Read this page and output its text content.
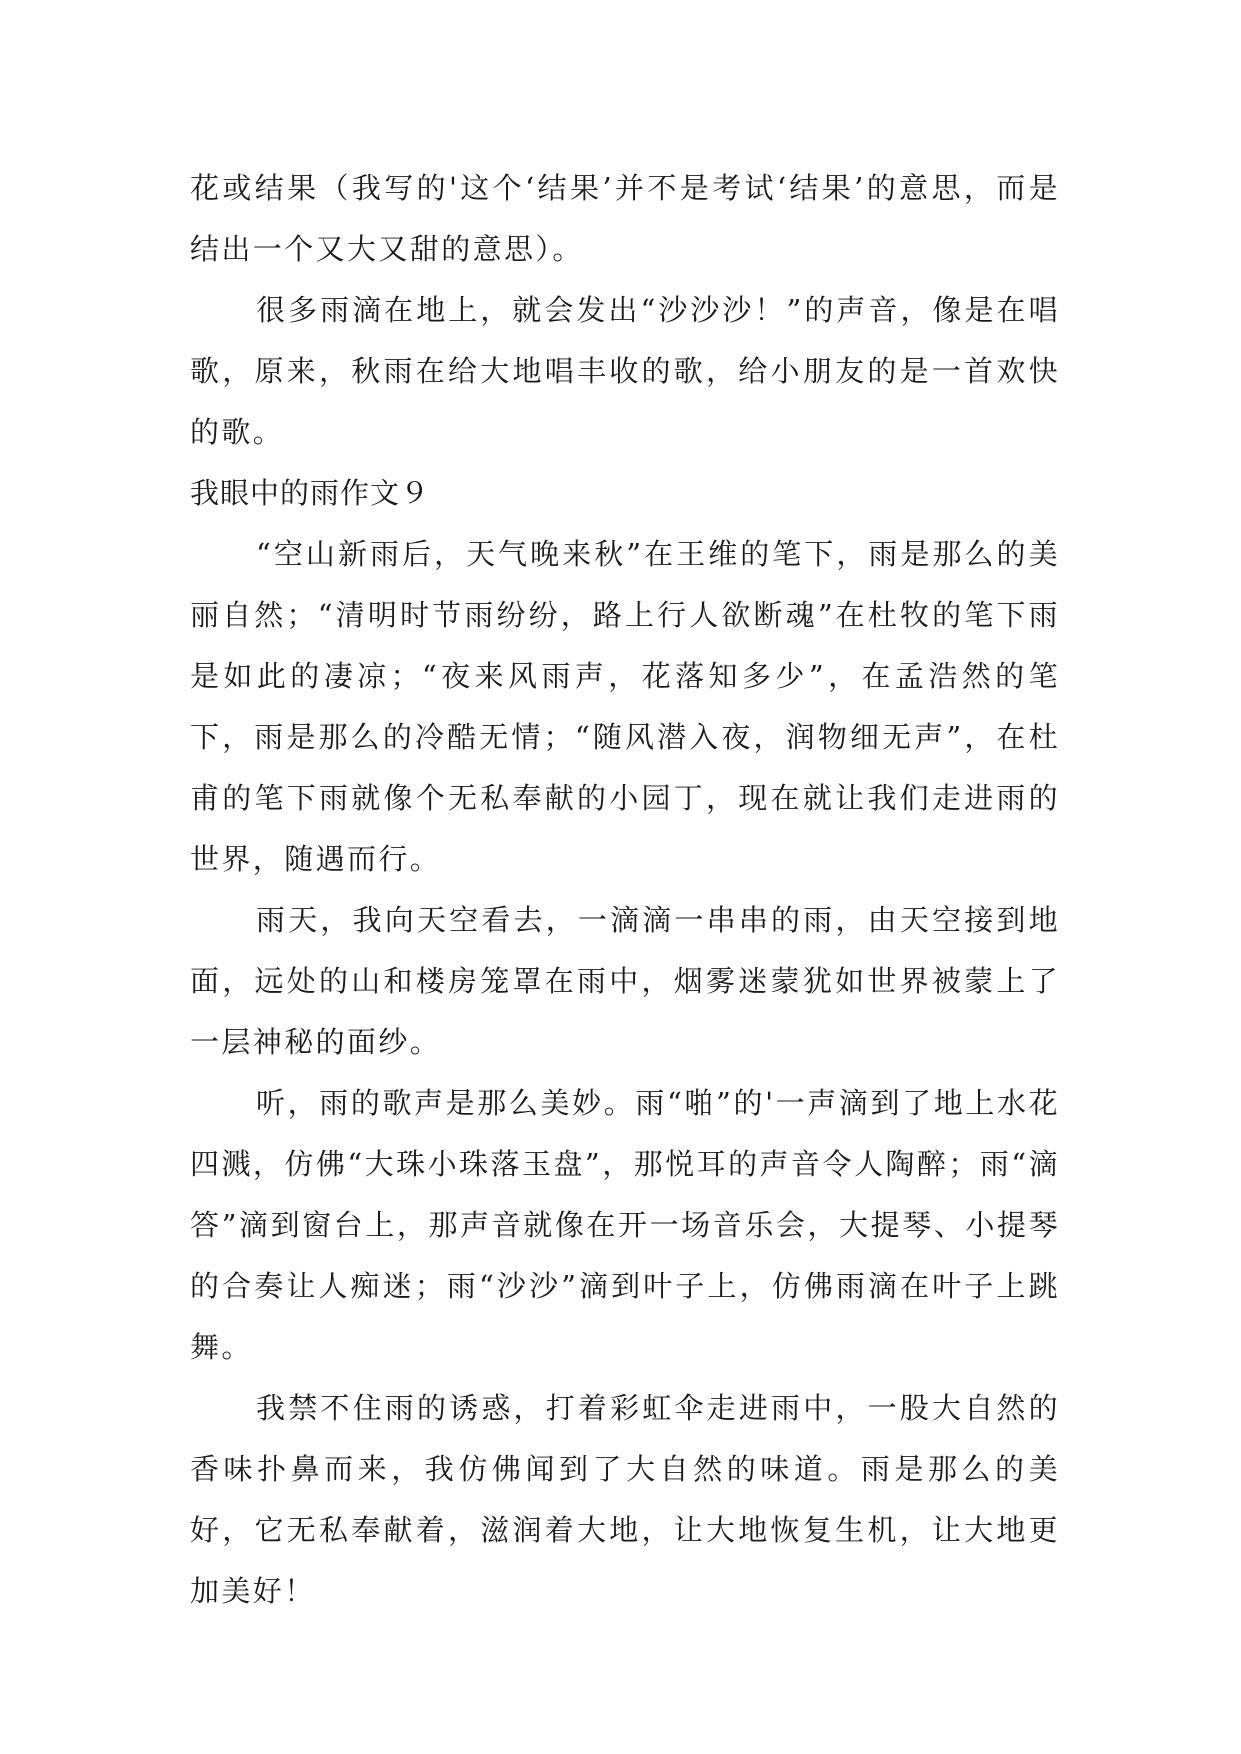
花或结果（我写的'这个‘结果’并不是考试‘结果’的意思，而是结出一个又大又甜的意思）。

很多雨滴在地上，就会发出“沙沙沙！”的声音，像是在唱歌，原来，秋雨在给大地唱丰收的歌，给小朋友的是一首欢快的歌。

我眼中的雨作文９

“空山新雨后，天气晚来秋”在王维的笔下，雨是那么的美丽自然；“清明时节雨纷纷，路上行人欲断魂”在杜牧的笔下雨是如此的凄凉；“夜来风雨声，花落知多少”，在孟浩然的笔下，雨是那么的冷酷无情；“随风潜入夜，润物细无声”，在杜甫的笔下雨就像个无私奉献的小园丁，现在就让我们走进雨的世界，随遇而行。

雨天，我向天空看去，一滴滴一串串的雨，由天空接到地面，远处的山和楼房笼罩在雨中，烟雾迷蒙犹如世界被蒙上了一层神秘的面纱。

听，雨的歌声是那么美妙。雨“啪”的'一声滴到了地上水花四溅，仿佛“大珠小珠落玉盘”，那悦耳的声音令人陶醉；雨“滴答”滴到窗台上，那声音就像在开一场音乐会，大提琴、小提琴的合奏让人痴迷；雨“沙沙”滴到叶子上，仿佛雨滴在叶子上跳舞。

我禁不住雨的诱惑，打着彩虹伞走进雨中，一股大自然的香味扑鼻而来，我仿佛闻到了大自然的味道。雨是那么的美好，它无私奉献着，滋润着大地，让大地恢复生机，让大地更加美好！
